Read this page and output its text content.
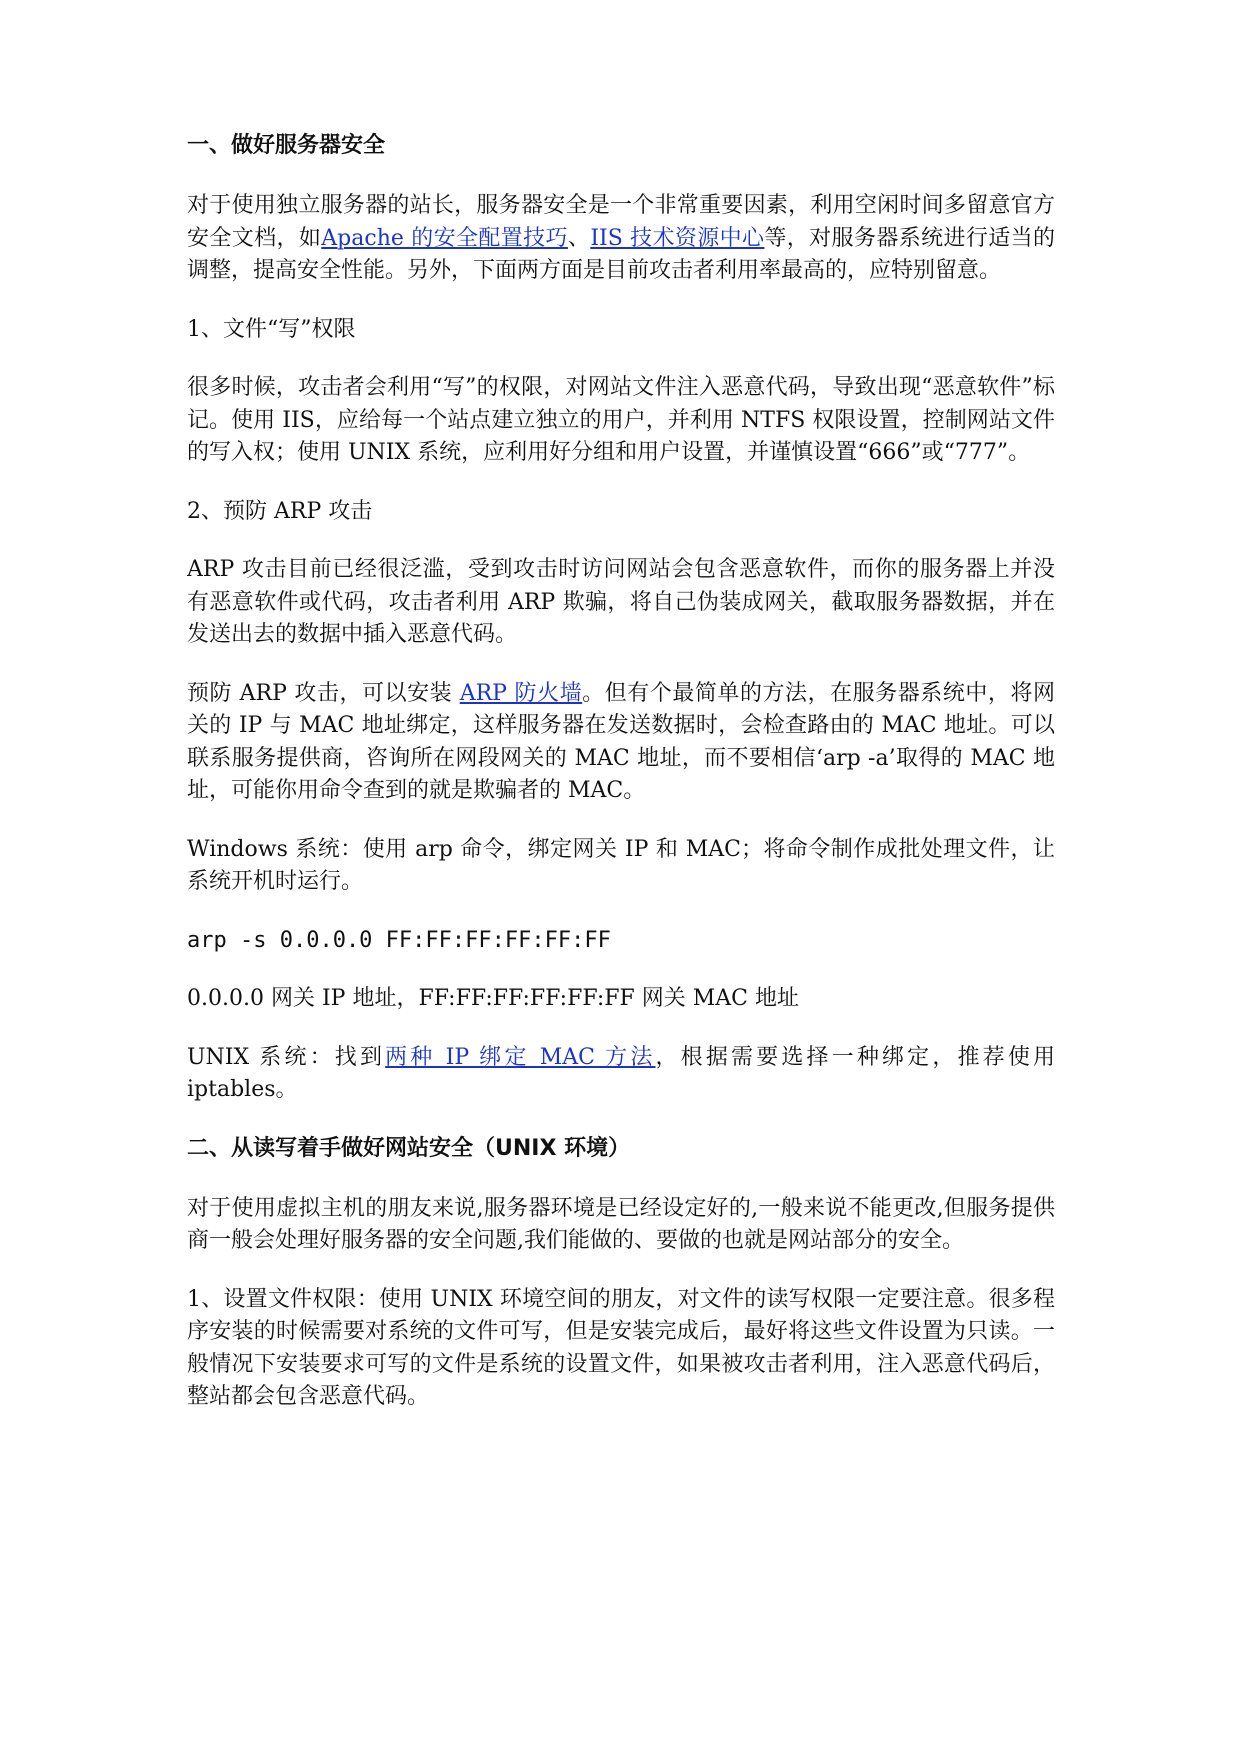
一、做好服务器安全

对于使用独立服务器的站长，服务器安全是一个非常重要因素，利用空闲时间多留意官方安全文档，如Apache 的安全配置技巧、IIS 技术资源中心等，对服务器系统进行适当的调整，提高安全性能。另外，下面两方面是目前攻击者利用率最高的，应特别留意。

1、文件“写”权限

很多时候，攻击者会利用“写”的权限，对网站文件注入恶意代码，导致出现“恶意软件”标记。使用 IIS，应给每一个站点建立独立的用户，并利用 NTFS 权限设置，控制网站文件的写入权；使用 UNIX 系统，应利用好分组和用户设置，并谨慎设置“666”或“777”。

2、预防 ARP 攻击

ARP 攻击目前已经很泛滥，受到攻击时访问网站会包含恶意软件，而你的服务器上并没有恶意软件或代码，攻击者利用 ARP 欺骗，将自己伪装成网关，截取服务器数据，并在发送出去的数据中插入恶意代码。

预防 ARP 攻击，可以安装 ARP 防火墙。但有个最简单的方法，在服务器系统中，将网关的 IP 与 MAC 地址绑定，这样服务器在发送数据时，会检查路由的 MAC 地址。可以联系服务提供商，咨询所在网段网关的 MAC 地址，而不要相信‘arp -a’取得的 MAC 地址，可能你用命令查到的就是欺骗者的 MAC。

Windows 系统：使用 arp 命令，绑定网关 IP 和 MAC；将命令制作成批处理文件，让系统开机时运行。

arp -s 0.0.0.0 FF:FF:FF:FF:FF:FF

0.0.0.0 网关 IP 地址，FF:FF:FF:FF:FF:FF 网关 MAC 地址

UNIX 系统：找到两种 IP 绑定 MAC 方法，根据需要选择一种绑定，推荐使用 iptables。

二、从读写着手做好网站安全（UNIX 环境）

对于使用虚拟主机的朋友来说,服务器环境是已经设定好的,一般来说不能更改,但服务提供商一般会处理好服务器的安全问题,我们能做的、要做的也就是网站部分的安全。

1、设置文件权限：使用 UNIX 环境空间的朋友，对文件的读写权限一定要注意。很多程序安装的时候需要对系统的文件可写，但是安装完成后，最好将这些文件设置为只读。一般情况下安装要求可写的文件是系统的设置文件，如果被攻击者利用，注入恶意代码后，整站都会包含恶意代码。
